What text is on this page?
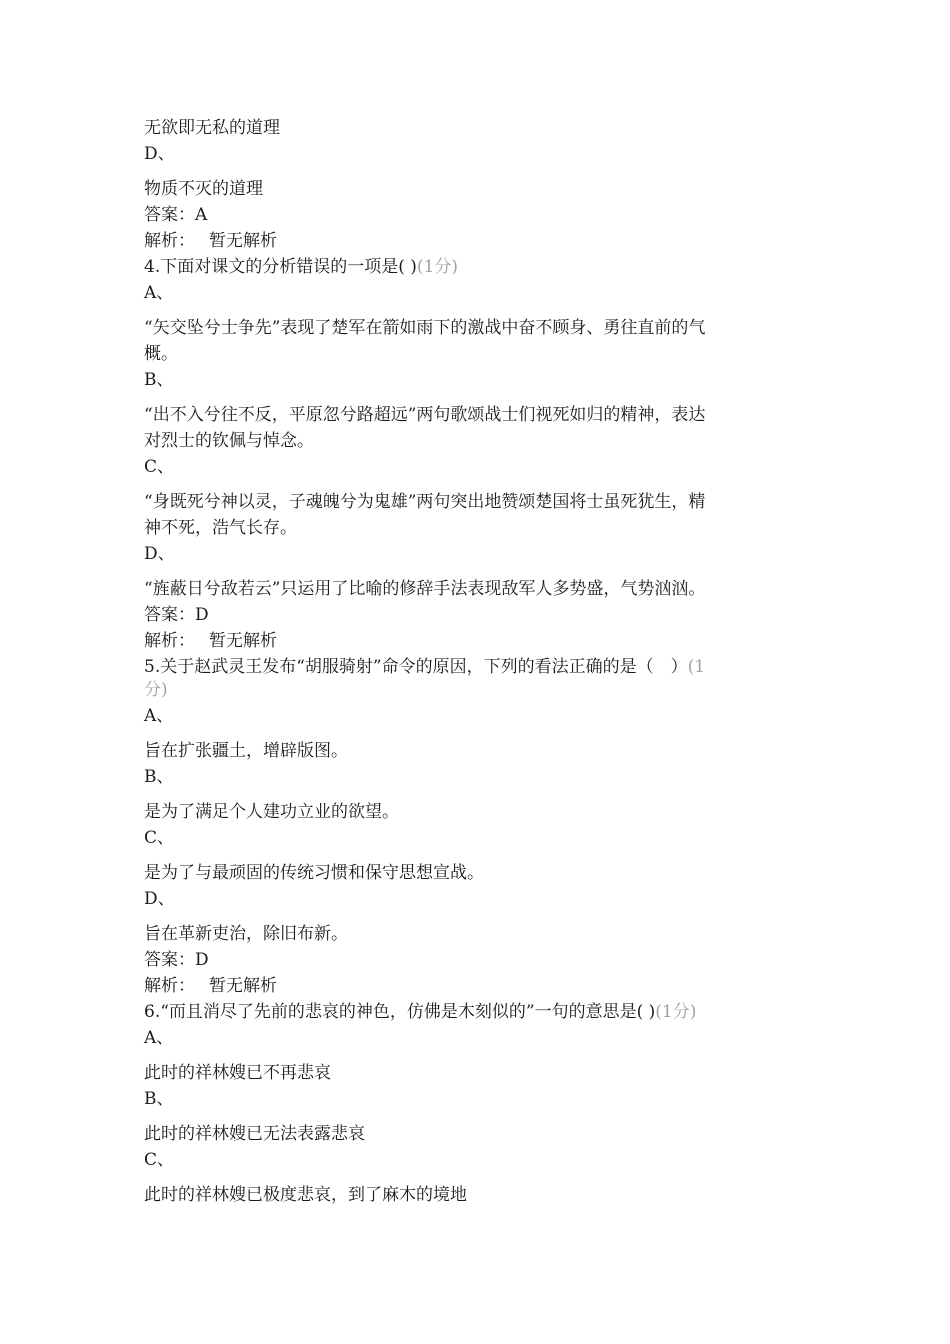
无欲即无私的道理

D、

物质不灭的道理

答案：A

解析： 暂无解析

4.下面对课文的分析错误的一项是( )(1分)

A、

“矢交坠兮士争先”表现了楚军在箭如雨下的激战中奋不顾身、勇往直前的气

概。

B、

“出不入兮往不反，平原忽兮路超远”两句歌颂战士们视死如归的精神，表达

对烈士的钦佩与悼念。

C、

“身既死兮神以灵，子魂魄兮为鬼雄”两句突出地赞颂楚国将士虽死犹生，精

神不死，浩气长存。

D、

“旌蔽日兮敌若云”只运用了比喻的修辞手法表现敌军人多势盛，气势汹汹。

答案：D

解析： 暂无解析

5.关于赵武灵王发布“胡服骑射”命令的原因，下列的看法正确的是（　）(1

分)

A、

旨在扩张疆土，增辟版图。

B、

是为了满足个人建功立业的欲望。

C、

是为了与最顽固的传统习惯和保守思想宣战。

D、

旨在革新吏治，除旧布新。

答案：D

解析： 暂无解析

6.“而且消尽了先前的悲哀的神色，仿佛是木刻似的”一句的意思是( )(1分)

A、

此时的祥林嫂已不再悲哀

B、

此时的祥林嫂已无法表露悲哀

C、

此时的祥林嫂已极度悲哀，到了麻木的境地
